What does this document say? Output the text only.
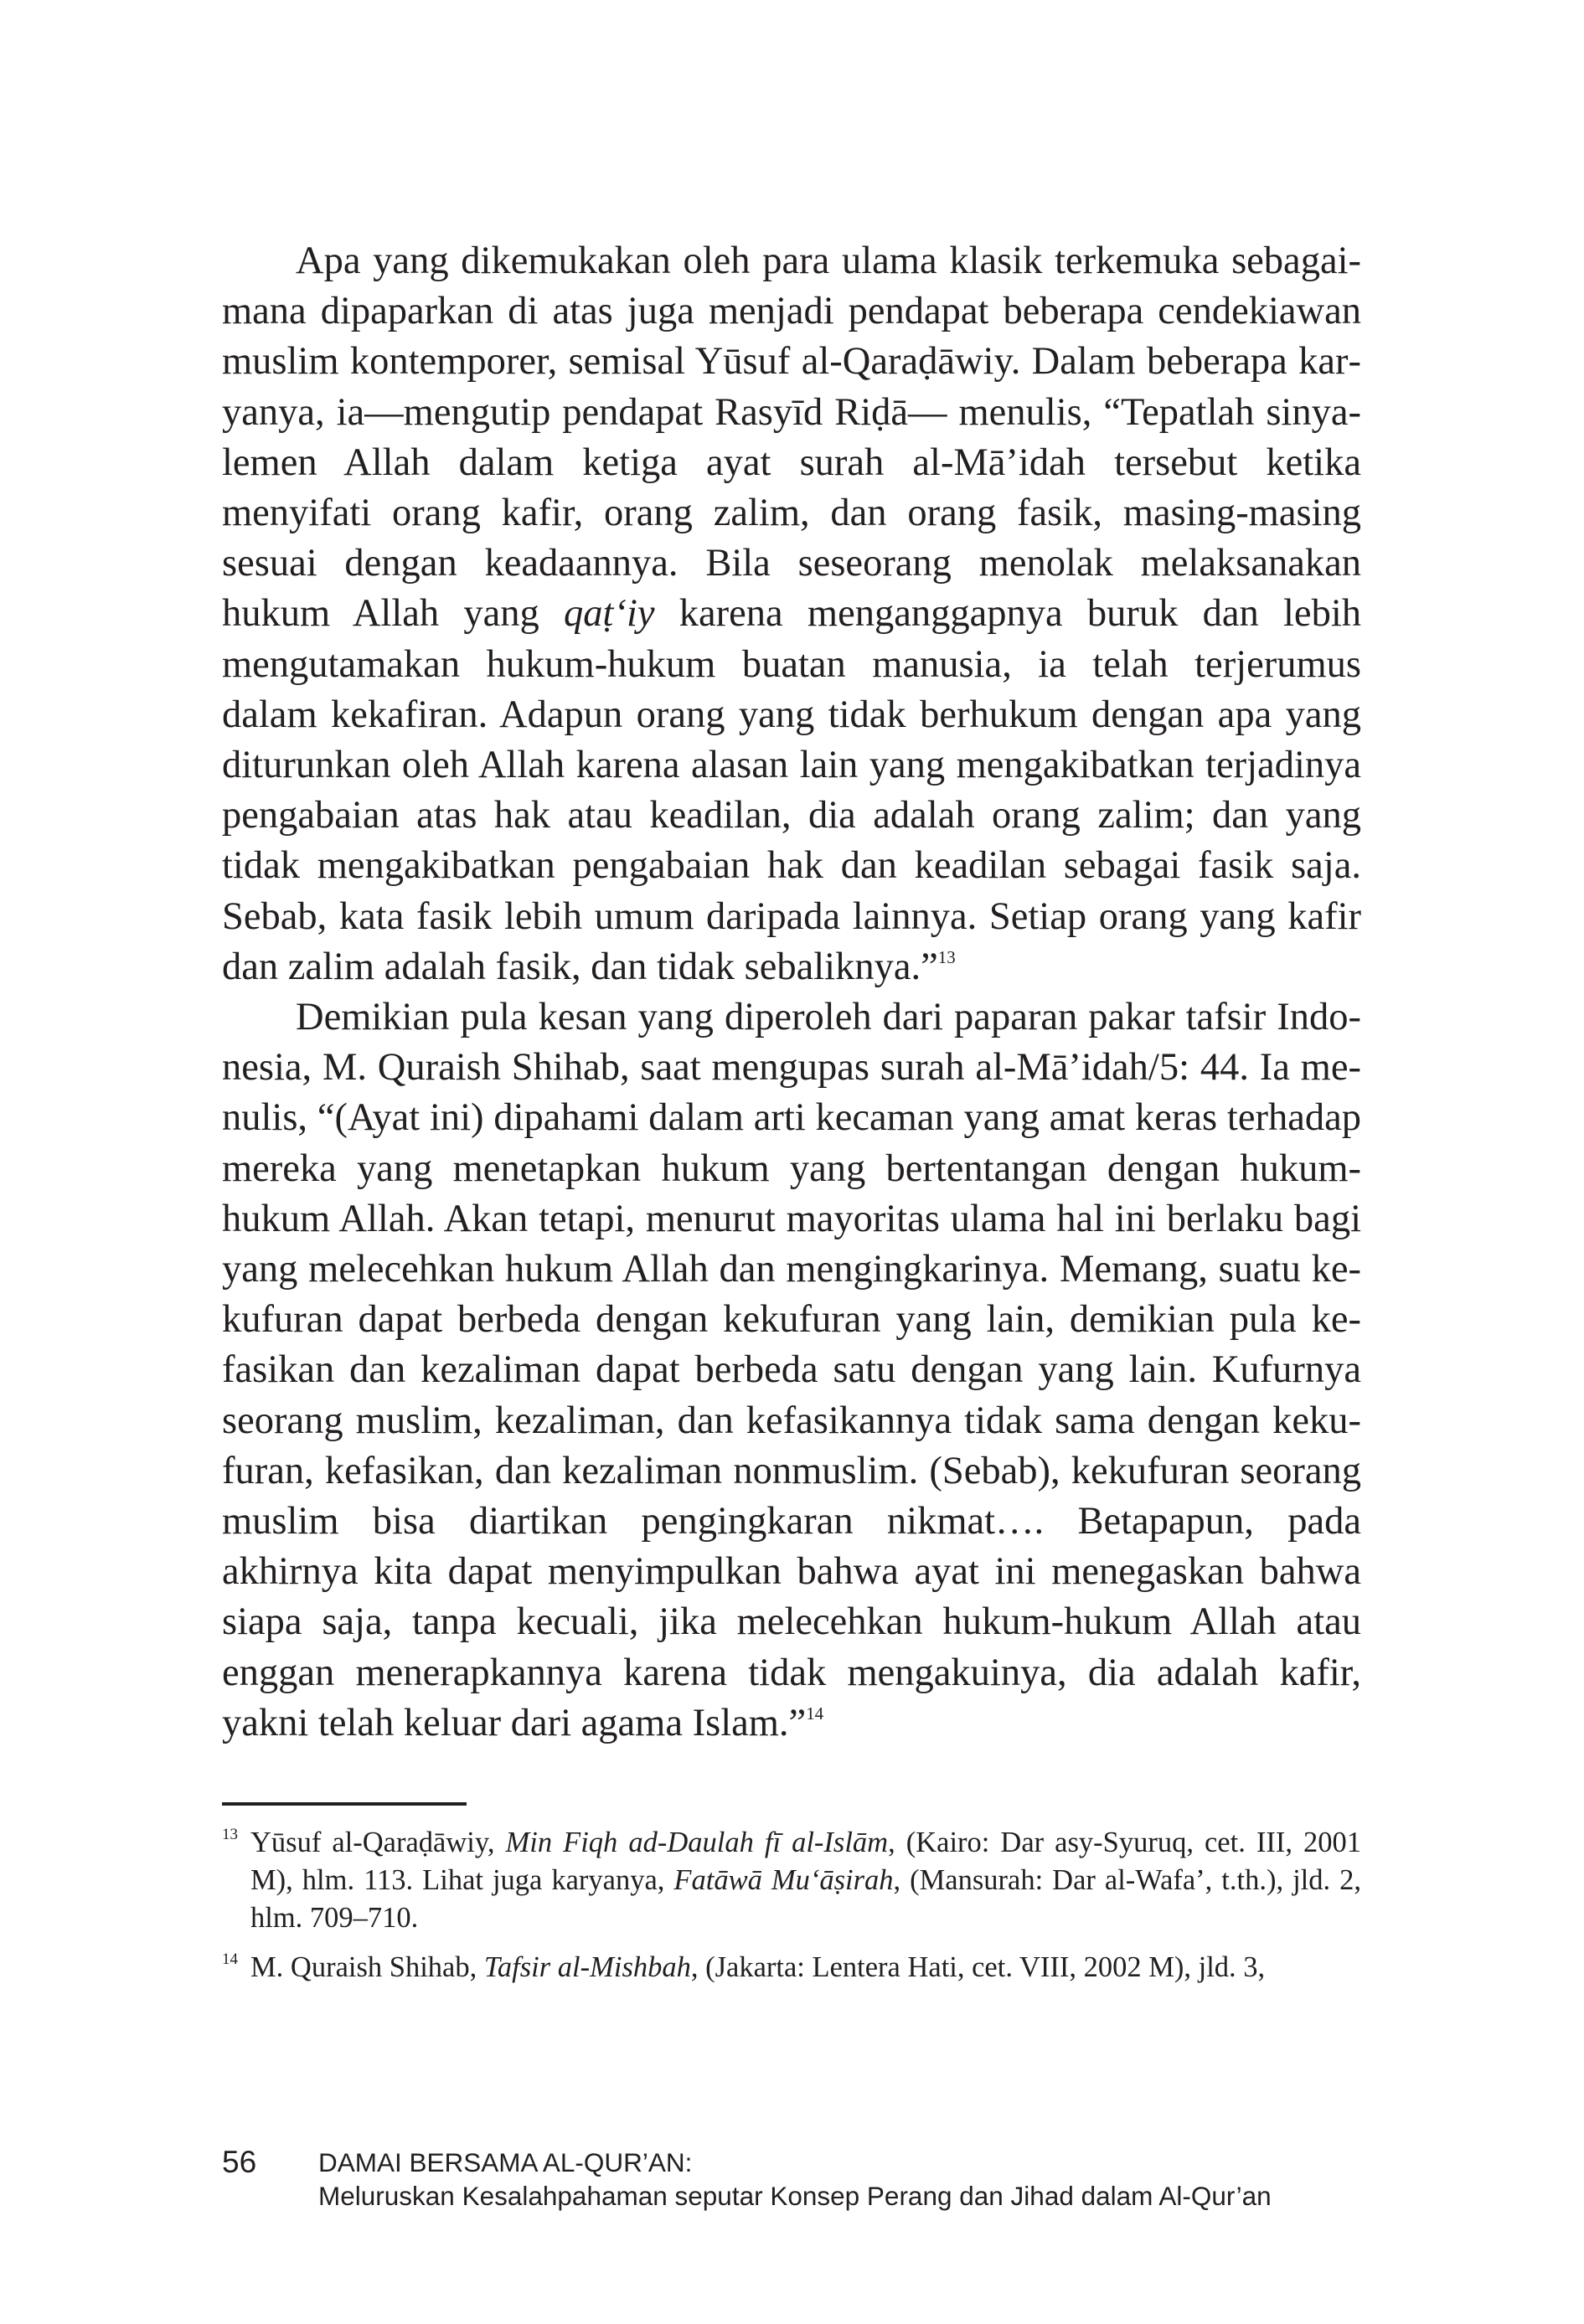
Apa yang dikemukakan oleh para ulama klasik terkemuka sebagaimana dipaparkan di atas juga menjadi pendapat beberapa cendekiawan muslim kontemporer, semisal Yūsuf al-Qaraḍāwiy. Dalam beberapa karyanya, ia—mengutip pendapat Rasyīd Riḍā— menulis, “Tepatlah sinyalemen Allah dalam ketiga ayat surah al-Mā’idah tersebut ketika menyifati orang kafir, orang zalim, dan orang fasik, masing-masing sesuai dengan keadaannya. Bila seseorang menolak melaksanakan hukum Allah yang qaṭ‘iy karena menganggapnya buruk dan lebih mengutamakan hukum-hukum buatan manusia, ia telah terjerumus dalam kekafiran. Adapun orang yang tidak berhukum dengan apa yang diturunkan oleh Allah karena alasan lain yang mengakibatkan terjadinya pengabaian atas hak atau keadilan, dia adalah orang zalim; dan yang tidak mengakibatkan pengabaian hak dan keadilan sebagai fasik saja. Sebab, kata fasik lebih umum daripada lainnya. Setiap orang yang kafir dan zalim adalah fasik, dan tidak sebaliknya.”$^{13}$

Demikian pula kesan yang diperoleh dari paparan pakar tafsir Indonesia, M. Quraish Shihab, saat mengupas surah al-Mā’idah/5: 44. Ia menulis, “(Ayat ini) dipahami dalam arti kecaman yang amat keras terhadap mereka yang menetapkan hukum yang bertentangan dengan hukum-hukum Allah. Akan tetapi, menurut mayoritas ulama hal ini berlaku bagi yang melecehkan hukum Allah dan mengingkarinya. Memang, suatu kekufuran dapat berbeda dengan kekufuran yang lain, demikian pula kefasikan dan kezaliman dapat berbeda satu dengan yang lain. Kufurnya seorang muslim, kezaliman, dan kefasikannya tidak sama dengan kekufuran, kefasikan, dan kezaliman nonmuslim. (Sebab), kekufuran seorang muslim bisa diartikan pengingkaran nikmat…. Betapapun, pada akhirnya kita dapat menyimpulkan bahwa ayat ini menegaskan bahwa siapa saja, tanpa kecuali, jika melecehkan hukum-hukum Allah atau enggan menerapkannya karena tidak mengakuinya, dia adalah kafir, yakni telah keluar dari agama Islam.”$^{14}$

13 Yūsuf al-Qaraḍāwiy, Min Fiqh ad-Daulah fī al-Islām, (Kairo: Dar asy-Syuruq, cet. III, 2001 M), hlm. 113. Lihat juga karyanya, Fatāwā Mu‘āṣirah, (Mansurah: Dar al-Wafa’, t.th.), jld. 2, hlm. 709–710.
14 M. Quraish Shihab, Tafsir al-Mishbah, (Jakarta: Lentera Hati, cet. VIII, 2002 M), jld. 3,
56 DAMAI BERSAMA AL-QUR’AN:
Meluruskan Kesalahpahaman seputar Konsep Perang dan Jihad dalam Al-Qur’an
